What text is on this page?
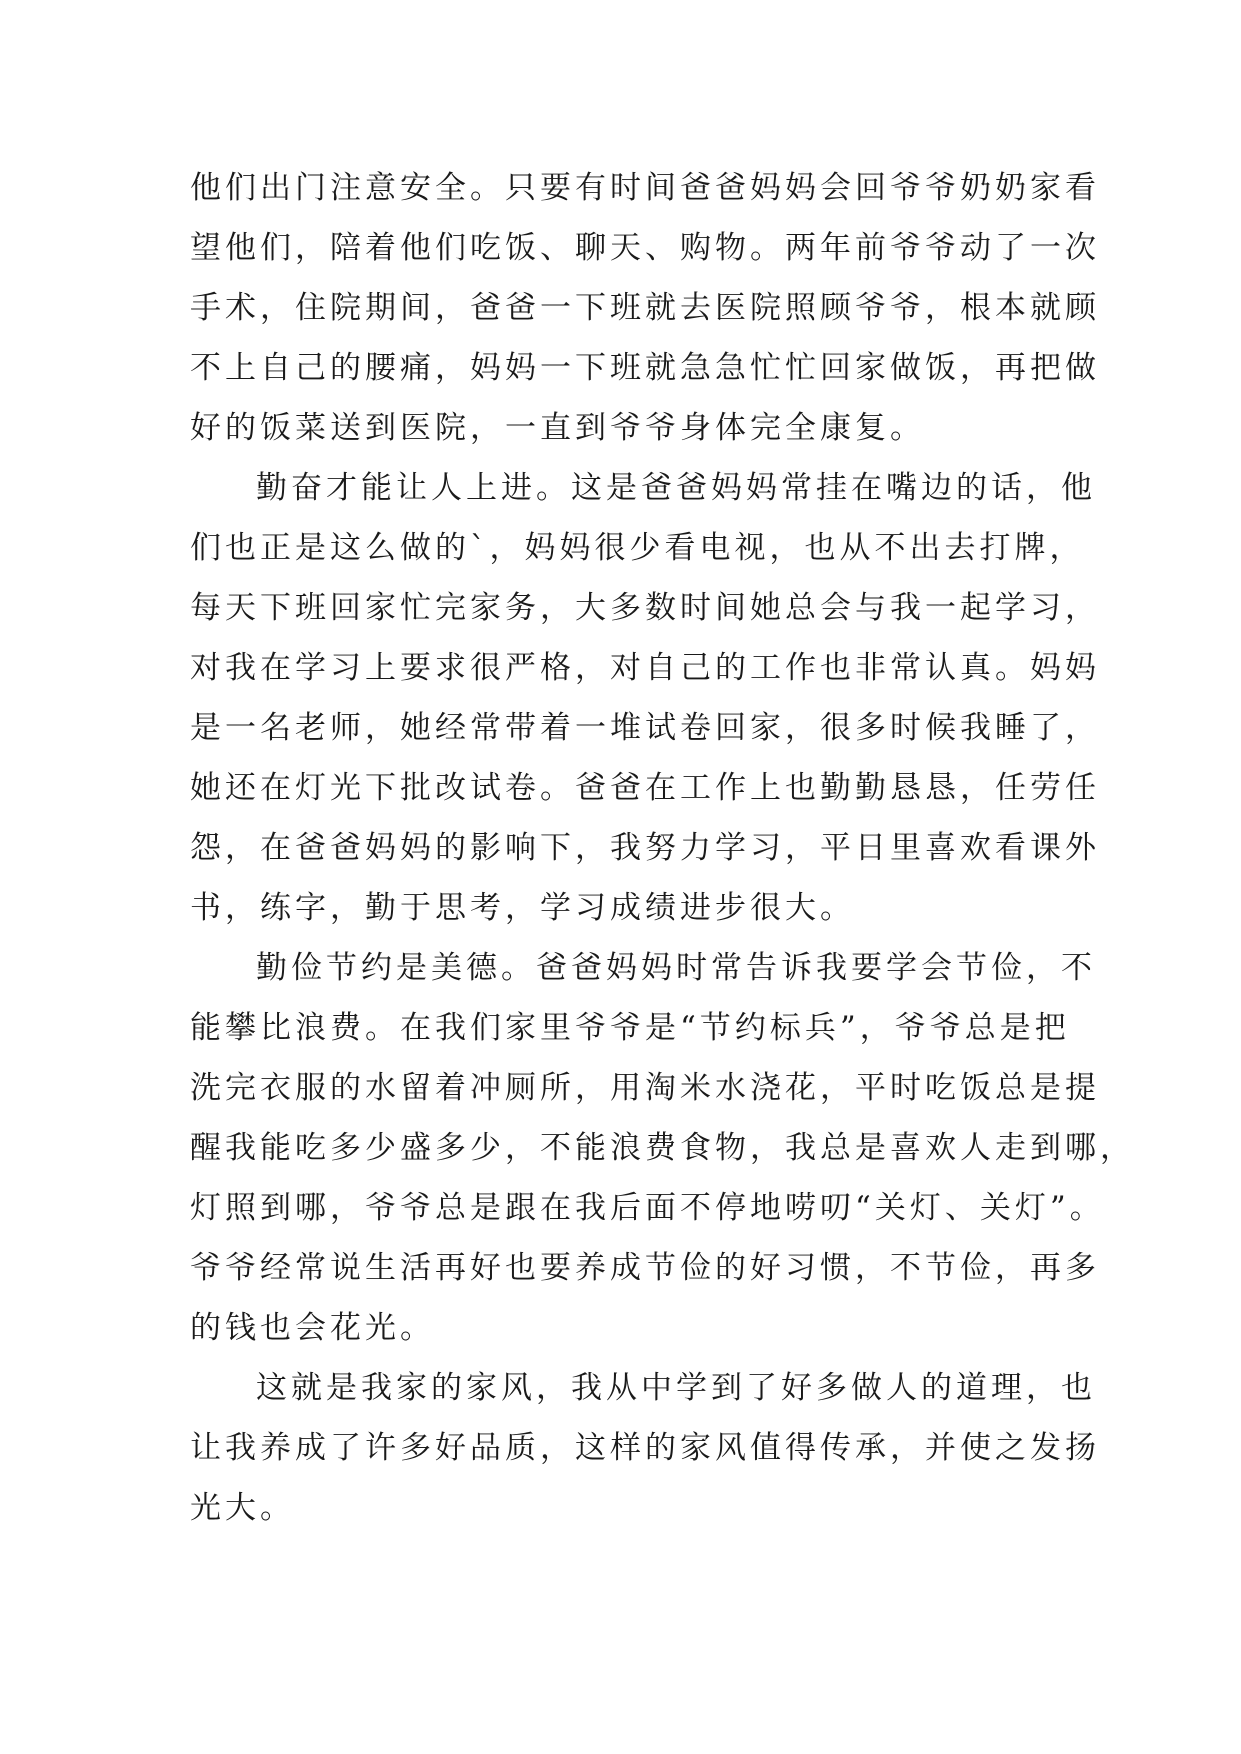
他们出门注意安全。只要有时间爸爸妈妈会回爷爷奶奶家看
望他们，陪着他们吃饭、聊天、购物。两年前爷爷动了一次
手术，住院期间，爸爸一下班就去医院照顾爷爷，根本就顾
不上自己的腰痛，妈妈一下班就急急忙忙回家做饭，再把做
好的饭菜送到医院，一直到爷爷身体完全康复。
勤奋才能让人上进。这是爸爸妈妈常挂在嘴边的话，他
们也正是这么做的`，妈妈很少看电视，也从不出去打牌，
每天下班回家忙完家务，大多数时间她总会与我一起学习，
对我在学习上要求很严格，对自己的工作也非常认真。妈妈
是一名老师，她经常带着一堆试卷回家，很多时候我睡了，
她还在灯光下批改试卷。爸爸在工作上也勤勤恳恳，任劳任
怨，在爸爸妈妈的影响下，我努力学习，平日里喜欢看课外
书，练字，勤于思考，学习成绩进步很大。
勤俭节约是美德。爸爸妈妈时常告诉我要学会节俭，不
能攀比浪费。在我们家里爷爷是“节约标兵”，爷爷总是把
洗完衣服的水留着冲厕所，用淘米水浇花，平时吃饭总是提
醒我能吃多少盛多少，不能浪费食物，我总是喜欢人走到哪，
灯照到哪，爷爷总是跟在我后面不停地唠叨“关灯、关灯”。
爷爷经常说生活再好也要养成节俭的好习惯，不节俭，再多
的钱也会花光。
这就是我家的家风，我从中学到了好多做人的道理，也
让我养成了许多好品质，这样的家风值得传承，并使之发扬
光大。
